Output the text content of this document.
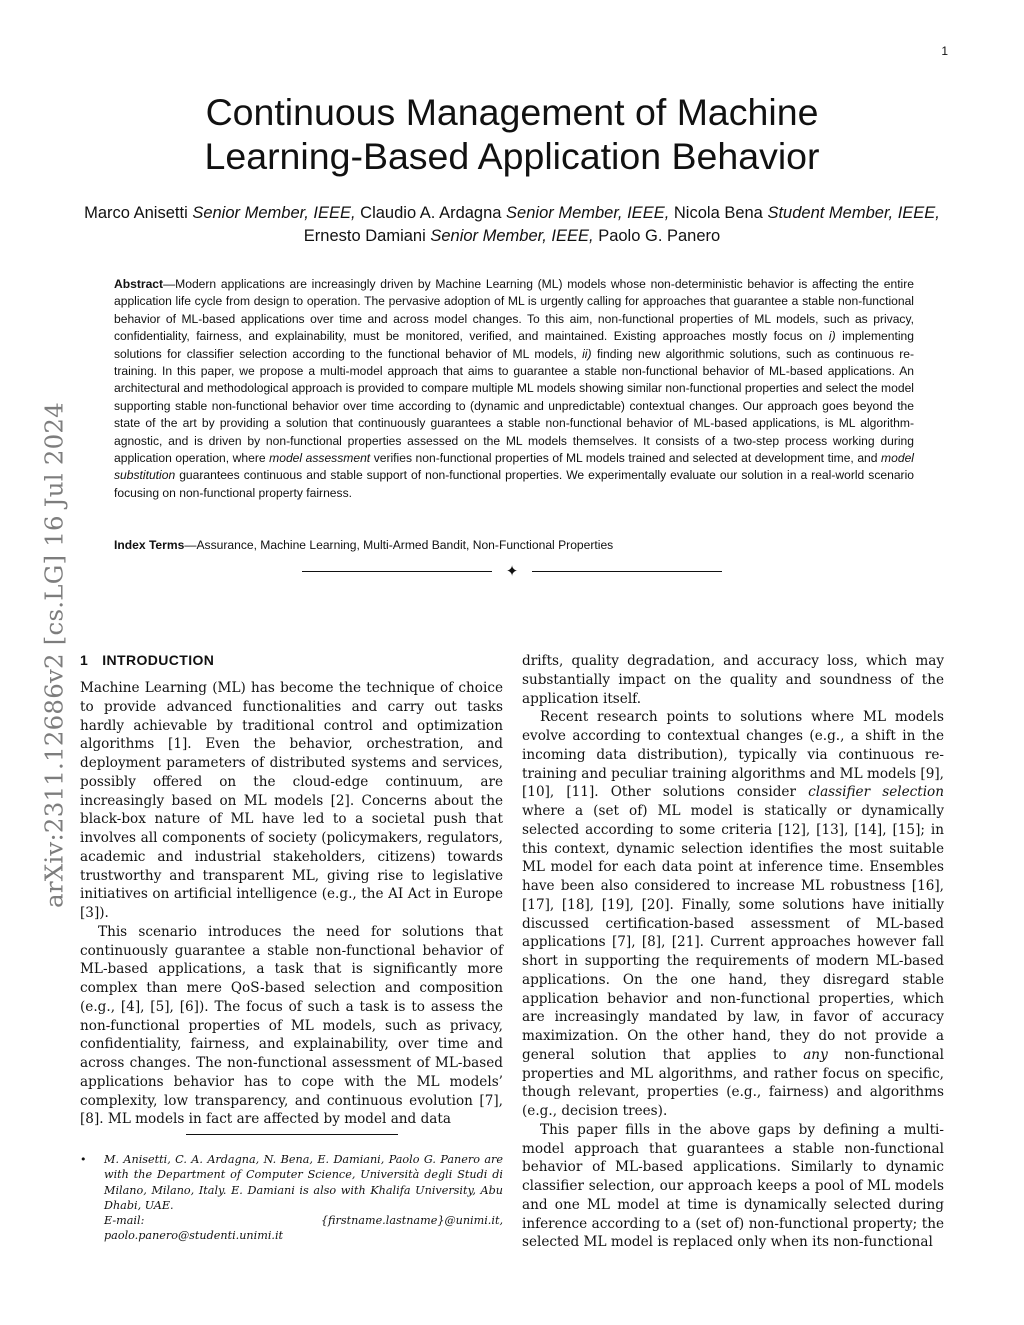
1
arXiv:2311.12686v2 [cs.LG] 16 Jul 2024
Continuous Management of Machine
Learning-Based Application Behavior
Marco Anisetti Senior Member, IEEE, Claudio A. Ardagna Senior Member, IEEE, Nicola Bena Student Member, IEEE, Ernesto Damiani Senior Member, IEEE, Paolo G. Panero
Abstract—Modern applications are increasingly driven by Machine Learning (ML) models whose non-deterministic behavior is affecting the entire application life cycle from design to operation. The pervasive adoption of ML is urgently calling for approaches that guarantee a stable non-functional behavior of ML-based applications over time and across model changes. To this aim, non-functional properties of ML models, such as privacy, confidentiality, fairness, and explainability, must be monitored, verified, and maintained. Existing approaches mostly focus on i) implementing solutions for classifier selection according to the functional behavior of ML models, ii) finding new algorithmic solutions, such as continuous re-training. In this paper, we propose a multi-model approach that aims to guarantee a stable non-functional behavior of ML-based applications. An architectural and methodological approach is provided to compare multiple ML models showing similar non-functional properties and select the model supporting stable non-functional behavior over time according to (dynamic and unpredictable) contextual changes. Our approach goes beyond the state of the art by providing a solution that continuously guarantees a stable non-functional behavior of ML-based applications, is ML algorithm-agnostic, and is driven by non-functional properties assessed on the ML models themselves. It consists of a two-step process working during application operation, where model assessment verifies non-functional properties of ML models trained and selected at development time, and model substitution guarantees continuous and stable support of non-functional properties. We experimentally evaluate our solution in a real-world scenario focusing on non-functional property fairness.
Index Terms—Assurance, Machine Learning, Multi-Armed Bandit, Non-Functional Properties
✦
1 INTRODUCTION

Machine Learning (ML) has become the technique of choice to provide advanced functionalities and carry out tasks hardly achievable by traditional control and optimization algorithms [1]. Even the behavior, orchestration, and deployment parameters of distributed systems and services, possibly offered on the cloud-edge continuum, are increasingly based on ML models [2]. Concerns about the black-box nature of ML have led to a societal push that involves all components of society (policymakers, regulators, academic and industrial stakeholders, citizens) towards trustworthy and transparent ML, giving rise to legislative initiatives on artificial intelligence (e.g., the AI Act in Europe [3]).

This scenario introduces the need for solutions that continuously guarantee a stable non-functional behavior of ML-based applications, a task that is significantly more complex than mere QoS-based selection and composition (e.g., [4], [5], [6]). The focus of such a task is to assess the non-functional properties of ML models, such as privacy, confidentiality, fairness, and explainability, over time and across changes. The non-functional assessment of ML-based applications behavior has to cope with the ML models’ complexity, low transparency, and continuous evolution [7], [8]. ML models in fact are affected by model and data

drifts, quality degradation, and accuracy loss, which may substantially impact on the quality and soundness of the application itself.

Recent research points to solutions where ML models evolve according to contextual changes (e.g., a shift in the incoming data distribution), typically via continuous re-training and peculiar training algorithms and ML models [9], [10], [11]. Other solutions consider classifier selection where a (set of) ML model is statically or dynamically selected according to some criteria [12], [13], [14], [15]; in this context, dynamic selection identifies the most suitable ML model for each data point at inference time. Ensembles have been also considered to increase ML robustness [16], [17], [18], [19], [20]. Finally, some solutions have initially discussed certification-based assessment of ML-based applications [7], [8], [21]. Current approaches however fall short in supporting the requirements of modern ML-based applications. On the one hand, they disregard stable application behavior and non-functional properties, which are increasingly mandated by law, in favor of accuracy maximization. On the other hand, they do not provide a general solution that applies to any non-functional properties and ML algorithms, and rather focus on specific, though relevant, properties (e.g., fairness) and algorithms (e.g., decision trees).

This paper fills in the above gaps by defining a multi-model approach that guarantees a stable non-functional behavior of ML-based applications. Similarly to dynamic classifier selection, our approach keeps a pool of ML models and one ML model at time is dynamically selected during inference according to a (set of) non-functional property; the selected ML model is replaced only when its non-functional

• M. Anisetti, C. A. Ardagna, N. Bena, E. Damiani, Paolo G. Panero are with the Department of Computer Science, Università degli Studi di Milano, Milano, Italy. E. Damiani is also with Khalifa University, Abu Dhabi, UAE.
E-mail: {firstname.lastname}@unimi.it, paolo.panero@studenti.unimi.it
